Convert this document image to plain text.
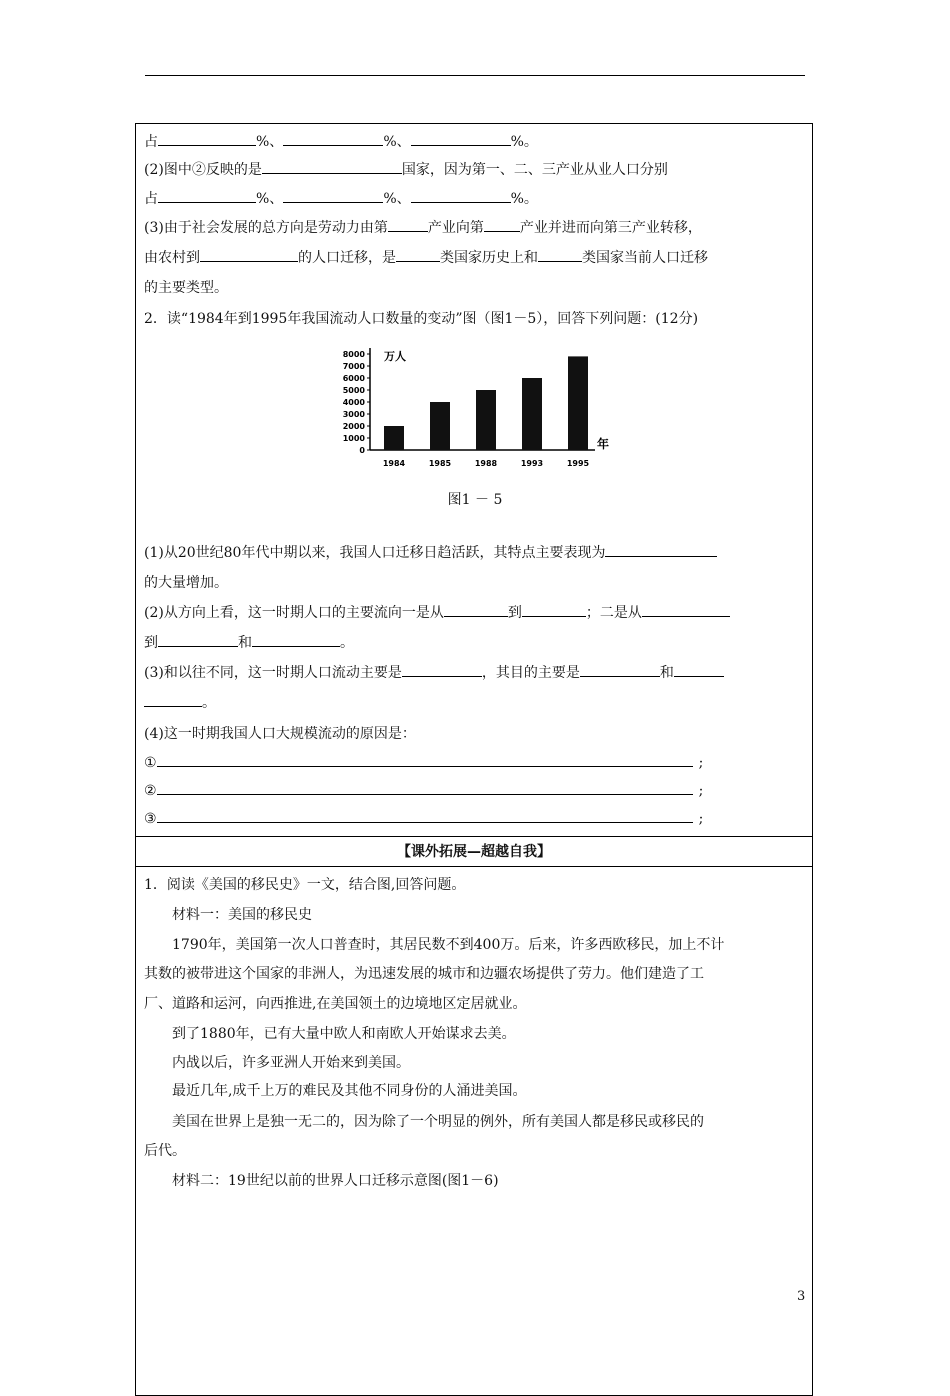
占	%、	%、	%。
(2)图中②反映的是	国家，因为第一、二、三产业从业人口分别
占	%、	%、	%。
(3)由于社会发展的总方向是劳动力由第	产业向第	产业并进而向第三产业转移，
由农村到	的人口迁移，是	类国家历史上和	类国家当前人口迁移
的主要类型。
2．读“1984年到1995年我国流动人口数量的变动”图（图1－5），回答下列问题：(12分)
8000
7000
6000
5000
4000
3000
2000
1000
0
万人
年
1984	1985	1988	1993	1995
图1 － 5
(1)从20世纪80年代中期以来，我国人口迁移日趋活跃，其特点主要表现为
的大量增加。
(2)从方向上看，这一时期人口的主要流向一是从	到	；二是从
到	和	。
(3)和以往不同，这一时期人口流动主要是	，其目的主要是	和
。
(4)这一时期我国人口大规模流动的原因是：
①	;
②	;
③	;
【课外拓展—超越自我】
1．阅读《美国的移民史》一文，结合图,回答问题。
材料一：美国的移民史
1790年，美国第一次人口普查时，其居民数不到400万。后来，许多西欧移民，加上不计
其数的被带进这个国家的非洲人，为迅速发展的城市和边疆农场提供了劳力。他们建造了工
厂、道路和运河，向西推进,在美国领土的边境地区定居就业。
到了1880年，已有大量中欧人和南欧人开始谋求去美。
内战以后，许多亚洲人开始来到美国。
最近几年,成千上万的难民及其他不同身份的人涌进美国。
美国在世界上是独一无二的，因为除了一个明显的例外，所有美国人都是移民或移民的
后代。
材料二：19世纪以前的世界人口迁移示意图(图1－6)
3
